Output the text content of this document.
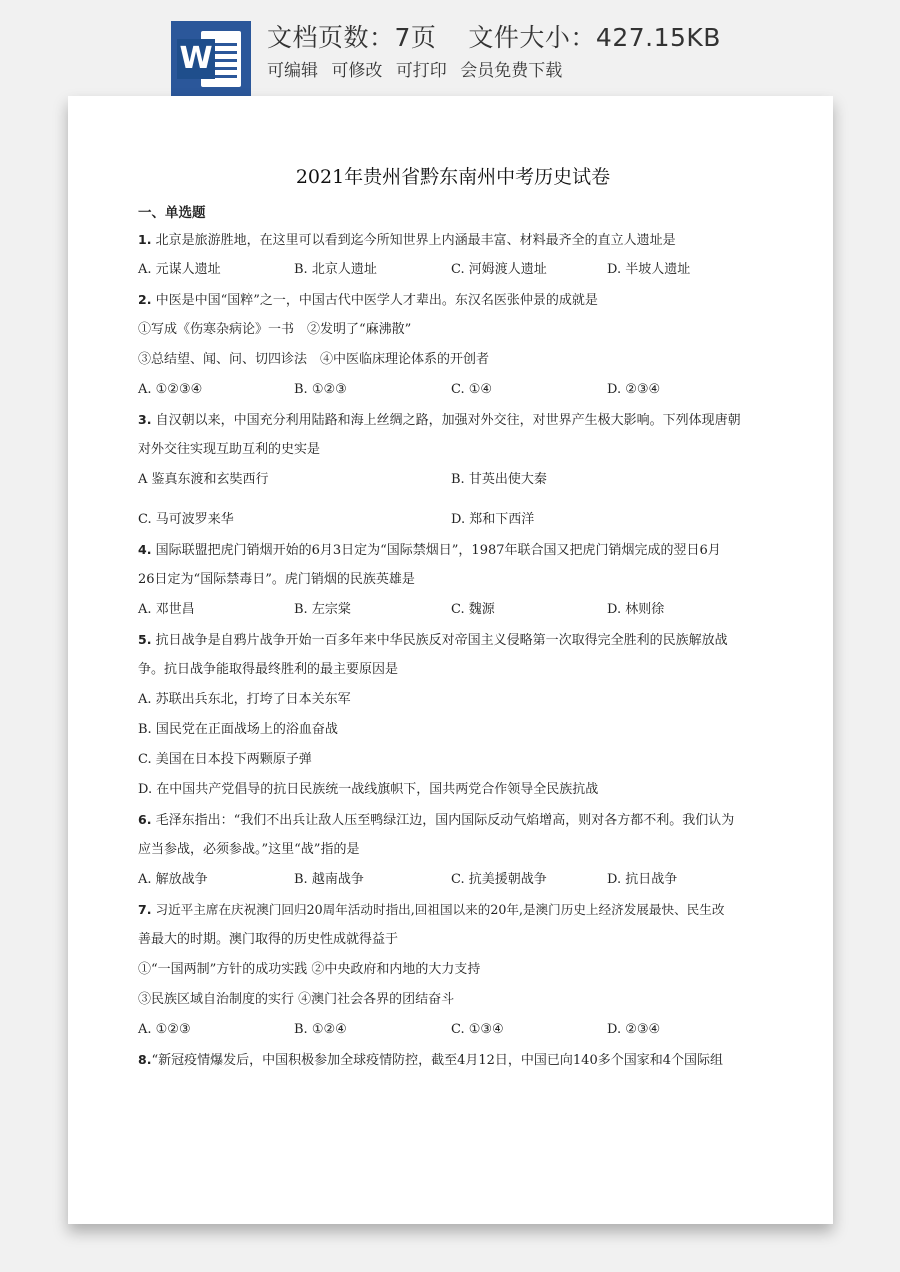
W
文档页数：7页 文件大小：427.15KB
可编辑 可修改 可打印 会员免费下载
2021年贵州省黔东南州中考历史试卷
一、单选题
1. 北京是旅游胜地，在这里可以看到迄今所知世界上内涵最丰富、材料最齐全的直立人遗址是
A. 元谋人遗址	B. 北京人遗址	C. 河姆渡人遗址	D. 半坡人遗址
2. 中医是中国“国粹”之一，中国古代中医学人才辈出。东汉名医张仲景的成就是
①写成《伤寒杂病论》一书　②发明了“麻沸散”
③总结望、闻、问、切四诊法　④中医临床理论体系的开创者
A. ①②③④	B. ①②③	C. ①④	D. ②③④
3. 自汉朝以来，中国充分利用陆路和海上丝绸之路，加强对外交往，对世界产生极大影响。下列体现唐朝
对外交往实现互助互利的史实是
A 鉴真东渡和玄奘西行	B. 甘英出使大秦
C. 马可波罗来华	D. 郑和下西洋
4. 国际联盟把虎门销烟开始的6月3日定为“国际禁烟日”，1987年联合国又把虎门销烟完成的翌日6月
26日定为“国际禁毒日”。虎门销烟的民族英雄是
A. 邓世昌	B. 左宗棠	C. 魏源	D. 林则徐
5. 抗日战争是自鸦片战争开始一百多年来中华民族反对帝国主义侵略第一次取得完全胜利的民族解放战
争。抗日战争能取得最终胜利的最主要原因是
A. 苏联出兵东北，打垮了日本关东军
B. 国民党在正面战场上的浴血奋战
C. 美国在日本投下两颗原子弹
D. 在中国共产党倡导的抗日民族统一战线旗帜下，国共两党合作领导全民族抗战
6. 毛泽东指出：“我们不出兵让敌人压至鸭绿江边，国内国际反动气焰增高，则对各方都不利。我们认为
应当参战，必须参战。”这里“战”指的是
A. 解放战争	B. 越南战争	C. 抗美援朝战争	D. 抗日战争
7. 习近平主席在庆祝澳门回归20周年活动时指出,回祖国以来的20年,是澳门历史上经济发展最快、民生改
善最大的时期。澳门取得的历史性成就得益于
①“一国两制”方针的成功实践 ②中央政府和内地的大力支持
③民族区域自治制度的实行 ④澳门社会各界的团结奋斗
A. ①②③	B. ①②④	C. ①③④	D. ②③④
8.“新冠疫情爆发后，中国积极参加全球疫情防控，截至4月12日，中国已向140多个国家和4个国际组
